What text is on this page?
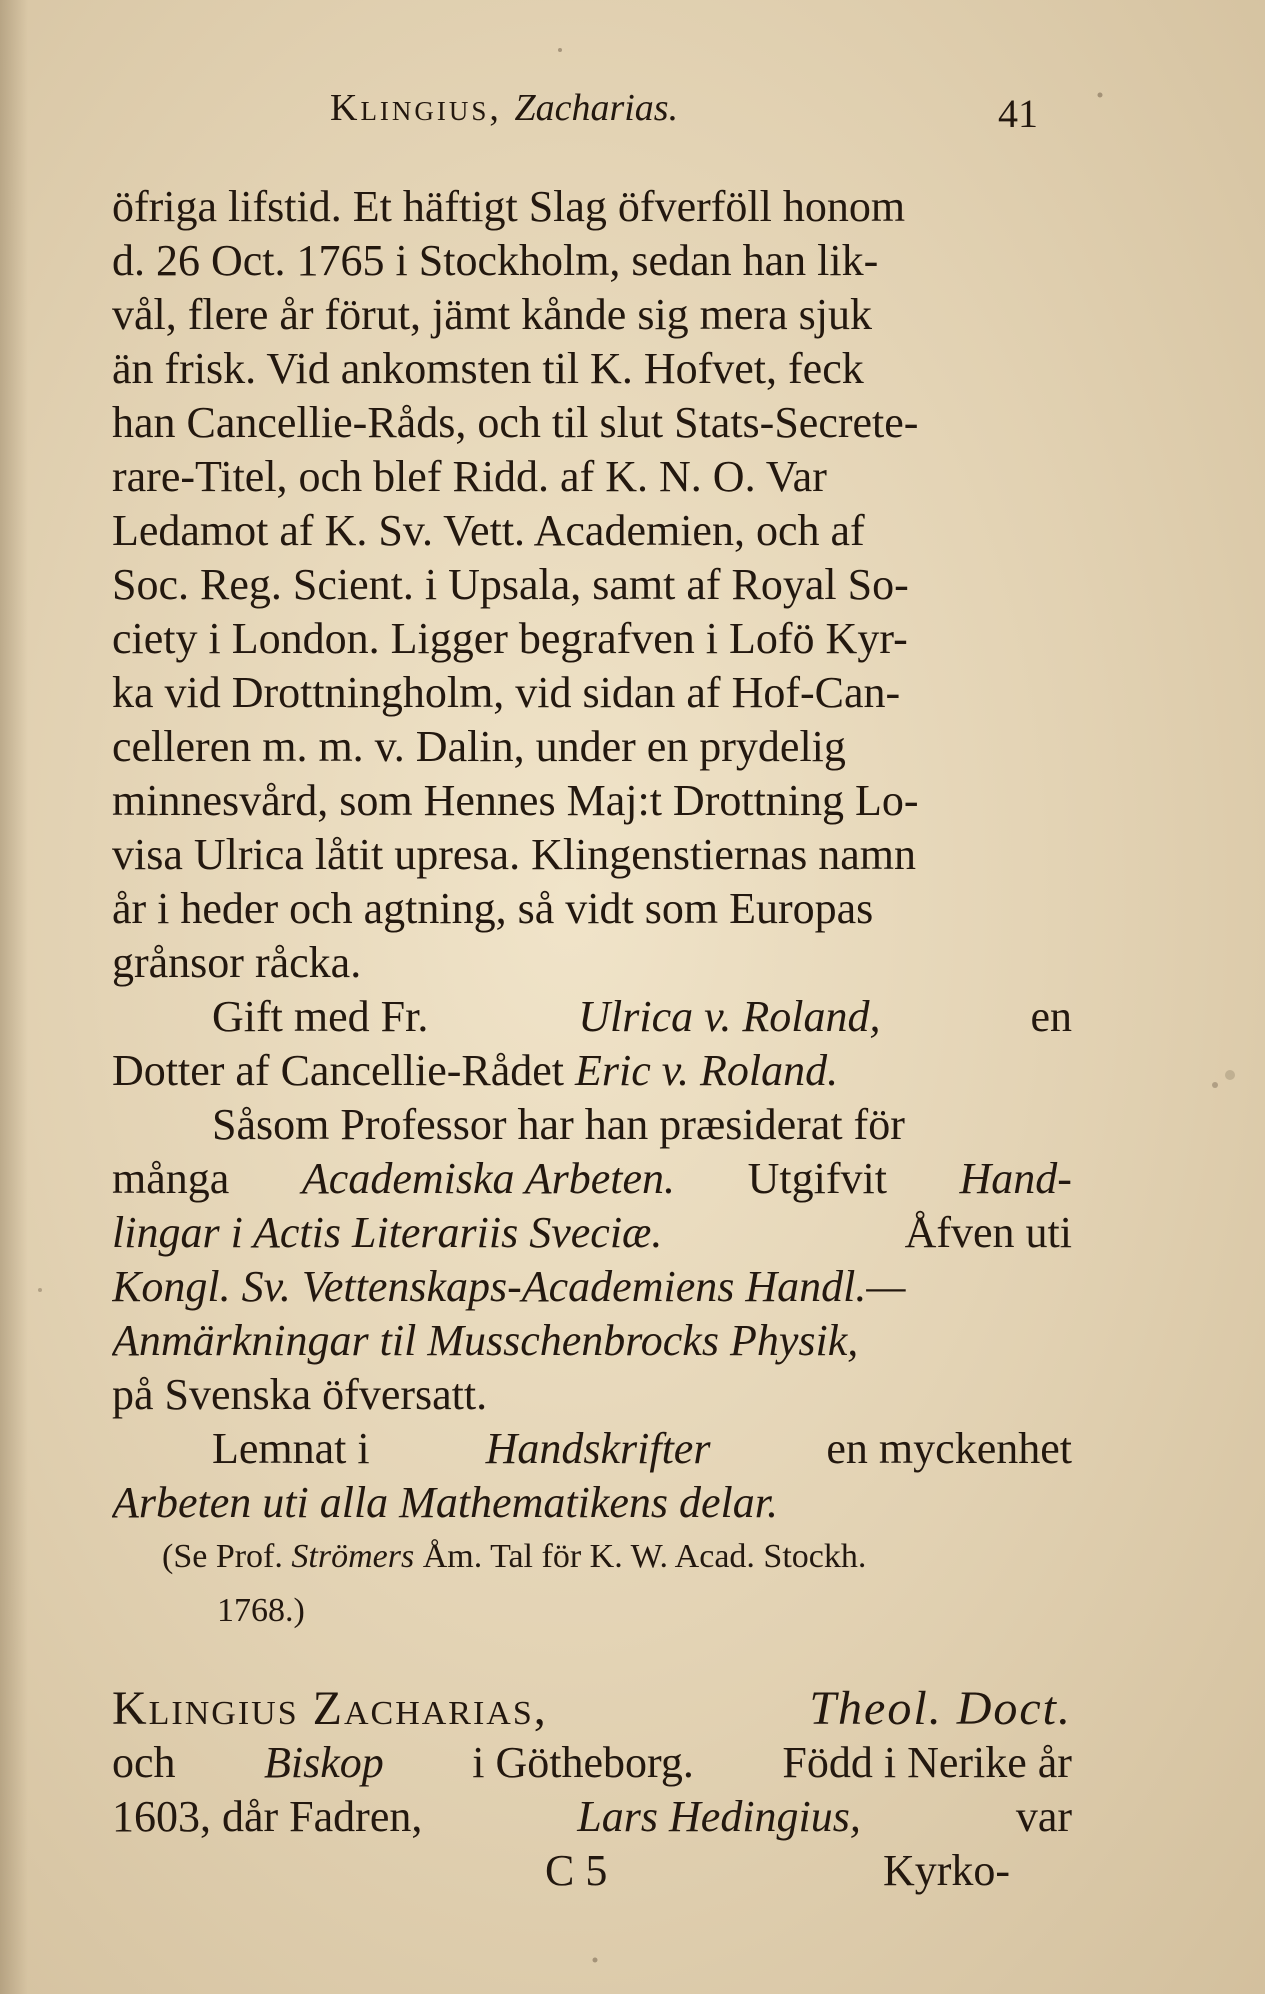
Klingius, Zacharias.	41
öfriga lifstid. Et häftigt Slag öfverföll honom
d. 26 Oct. 1765 i Stockholm, sedan han lik-
vål, flere år förut, jämt kånde sig mera sjuk
än frisk. Vid ankomsten til K. Hofvet, feck
han Cancellie-Råds, och til slut Stats-Secrete-
rare-Titel, och blef Ridd. af K. N. O. Var
Ledamot af K. Sv. Vett. Academien, och af
Soc. Reg. Scient. i Upsala, samt af Royal So-
ciety i London. Ligger begrafven i Lofö Kyr-
ka vid Drottningholm, vid sidan af Hof-Can-
celleren m. m. v. Dalin, under en prydelig
minnesvård, som Hennes Maj:t Drottning Lo-
visa Ulrica låtit upresa. Klingenstiernas namn
år i heder och agtning, så vidt som Europas
grånsor råcka.
Gift med Fr.	Ulrica v. Roland,	en
Dotter af Cancellie-Rådet
Eric v. Roland.
Såsom Professor har han præsiderat för
många Academiska Arbeten. Utgifvit Hand-
lingar i Actis Literariis Sveciæ.	Åfven uti
Kongl. Sv. Vettenskaps-Academiens Handl.—
Anmärkningar til Musschenbrocks Physik,
på Svenska öfversatt.
Lemnat i	Handskrifter	en myckenhet
Arbeten uti alla Mathematikens delar.
(Se Prof.
Strömers
Åm. Tal för K. W. Acad. Stockh.
1768.)
Klingius Zacharias,	Theol. Doct.
och Biskop i Götheborg. Född i Nerike år
1603, dår Fadren,	Lars Hedingius,	var
C 5	Kyrko-
